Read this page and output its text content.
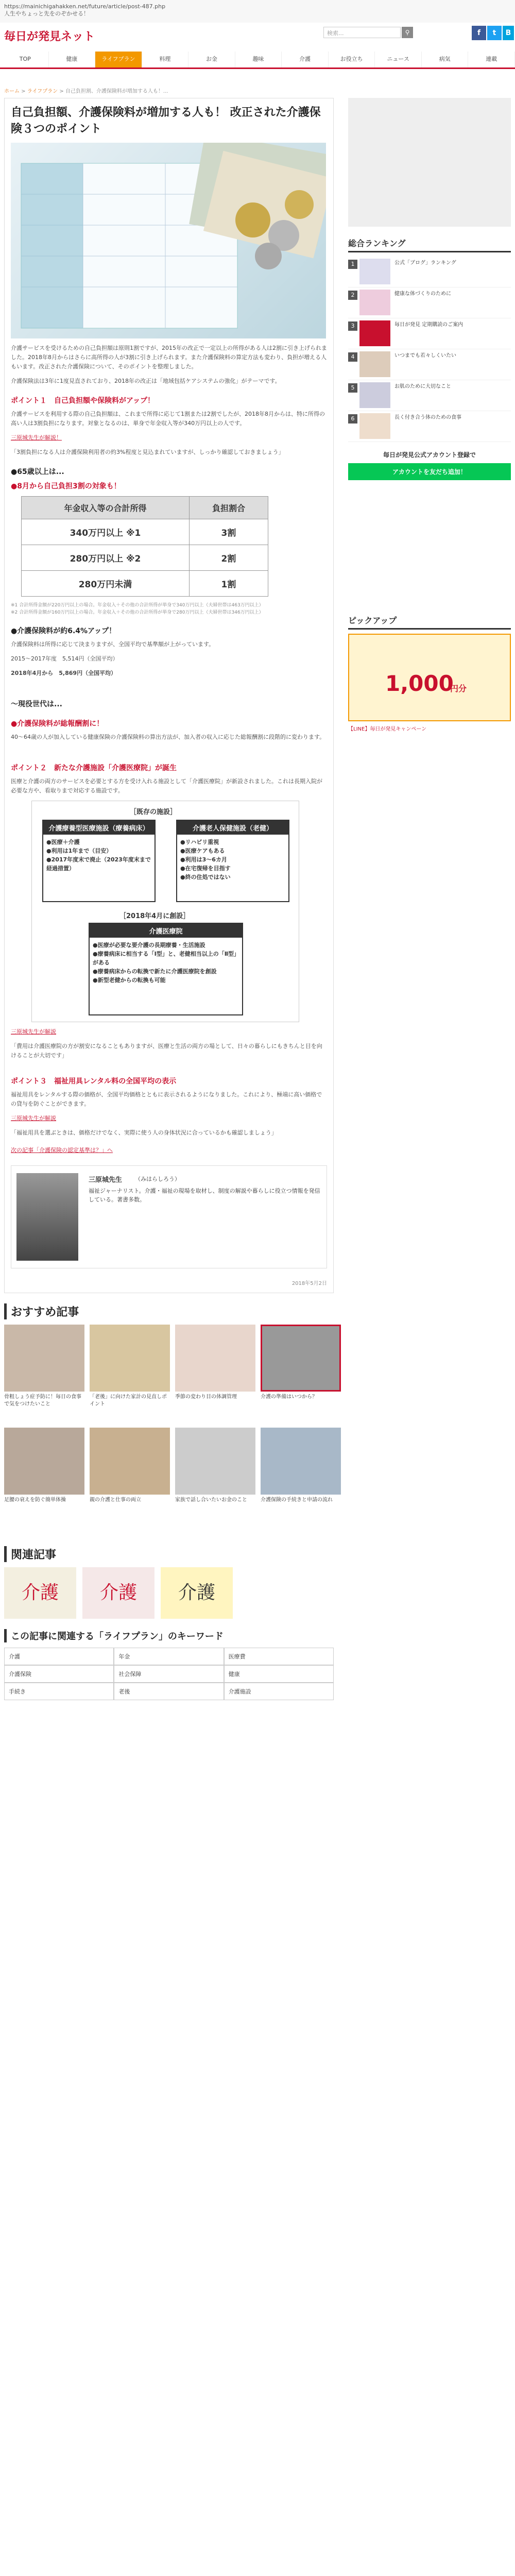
https://mainichigahakken.net/future/article/post-487.php
人生やちょっと先をのぞかせる！
毎日が発見ネット	検索...	⚲	f	t	B
TOP	健康	ライフプラン	料理	お金	趣味	介護	お役立ち	ニュース	病気	連載
ホーム > ライフプラン > 自己負担割、介護保険料が増加する人も！...
自己負担額、介護保険料が増加する人も！ 改正された介護保険３つのポイント

介護サービスを受けるための自己負担額は原則1割ですが、2015年の改正で一定以上の所得がある人は2割に引き上げられました。2018年8月からはさらに高所得の人が3割に引き上げられます。また介護保険料の算定方法も変わり、負担が増える人もいます。改正された介護保険について、そのポイントを整理しました。

介護保険法は3年に1度見直されており、2018年の改正は「地域包括ケアシステムの強化」がテーマです。

ポイント１　自己負担額や保険料がアップ！

介護サービスを利用する際の自己負担額は、これまで所得に応じて1割または2割でしたが、2018年8月からは、特に所得の高い人は3割負担になります。対象となるのは、単身で年金収入等が340万円以上の人です。

三原城先生が解説！

「3割負担になる人は介護保険利用者の約3%程度と見込まれていますが、しっかり確認しておきましょう」

●65歳以上は...
●8月から自己負担3割の対象も！
年金収入等の合計所得	負担割合
340万円以上 ※1	3割
280万円以上 ※2	2割
280万円未満	1割

※1 合計所得金額が220万円以上の場合。年金収入＋その他の合計所得が単身で340万円以上（夫婦世帯は463万円以上）

※2 合計所得金額が160万円以上の場合。年金収入＋その他の合計所得が単身で280万円以上（夫婦世帯は346万円以上）

●介護保険料が約6.4%アップ！

介護保険料は所得に応じて決まりますが、全国平均で基準額が上がっています。

2015〜2017年度　5,514円（全国平均）

2018年4月から　5,869円（全国平均）

〜現役世代は...
●介護保険料が総報酬割に！

40〜64歳の人が加入している健康保険の介護保険料の算出方法が、加入者の収入に応じた総報酬割に段階的に変わります。

ポイント２　新たな介護施設「介護医療院」が誕生

医療と介護の両方のサービスを必要とする方を受け入れる施設として「介護医療院」が新設されました。これは長期入院が必要な方や、看取りまで対応する施設です。

［既存の施設］
介護療養型医療施設（療養病床）
●医療＋介護
●利用は1年まで（目安）
●2017年度末で廃止（2023年度末まで経過措置）
介護老人保健施設（老健）
●リハビリ重視
●医療ケアもある
●利用は3〜6カ月
●在宅復帰を目指す
●終の住処ではない
［2018年4月に創設］
介護医療院
●医療が必要な要介護の長期療養・生活施設
●療養病床に相当する「Ⅰ型」と、老健相当以上の「Ⅱ型」がある
●療養病床からの転換で新たに介護医療院を創設
●新型老健からの転換も可能
三原城先生が解説

「費用は介護医療院の方が割安になることもありますが、医療と生活の両方の場として、日々の暮らしにもきちんと目を向けることが大切です」

ポイント３　福祉用具レンタル料の全国平均の表示

福祉用具をレンタルする際の価格が、全国平均価格とともに表示されるようになりました。これにより、極端に高い価格での貸与を防ぐことができます。

三原城先生が解説

「福祉用具を選ぶときは、価格だけでなく、実際に使う人の身体状況に合っているかも確認しましょう」

次の記事「介護保険の認定基準は？」へ

三原城先生 （みはらしろう）
福祉ジャーナリスト。介護・福祉の現場を取材し、制度の解説や暮らしに役立つ情報を発信している。著書多数。
2018年5月2日
おすすめ記事
骨粗しょう症予防に！毎日の食事で気をつけたいこと
「老後」に向けた家計の見直しポイント
季節の変わり目の体調管理	介護の準備はいつから？
足腰の衰えを防ぐ簡単体操	親の介護と仕事の両立	家族で話し合いたいお金のこと	介護保険の手続きと申請の流れ
関連記事
介護	介護	介護
この記事に関連する「ライフプラン」のキーワード
介護	年金	医療費
介護保険	社会保障	健康
手続き	老後	介護施設
総合ランキング
1	公式「ブログ」ランキング
2	健康な体づくりのために
3	毎日が発見 定期購読のご案内
4	いつまでも若々しくいたい
5	お肌のために大切なこと
6	長く付き合う体のための食事
毎日が発見公式アカウント登録で
アカウントを友だち追加！
ピックアップ
1,000
円分
【LINE】毎日が発見キャンペーン
